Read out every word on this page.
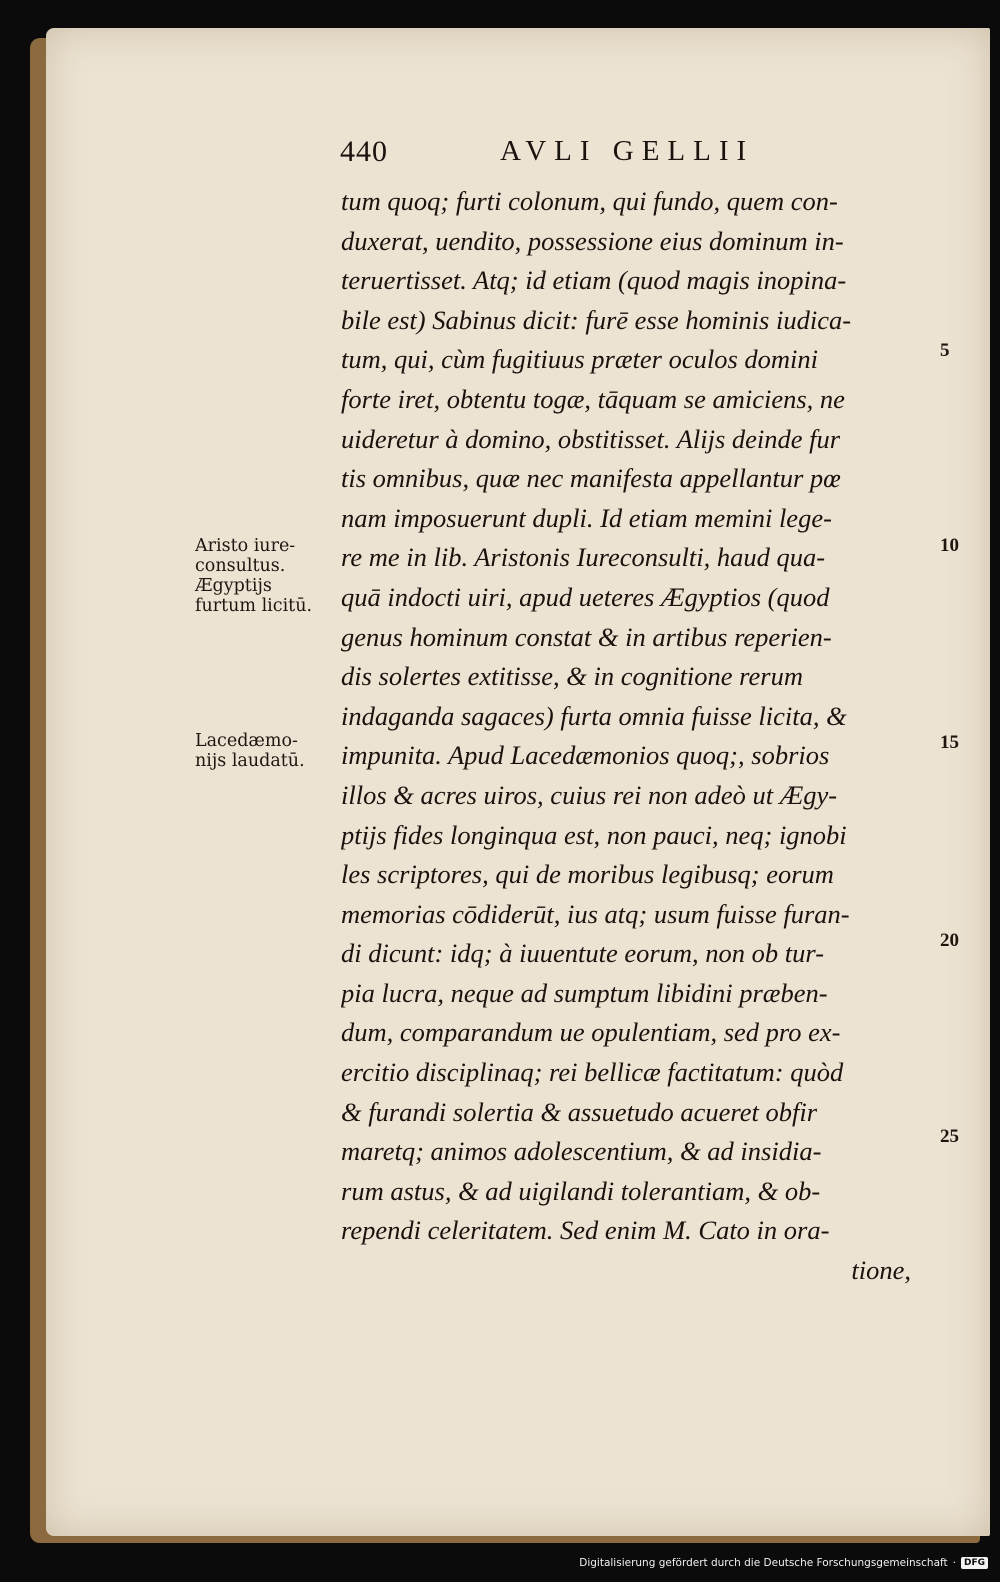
440	AVLI GELLII
tum quoq; furti colonum, qui fundo, quem con-
duxerat, uendito, possessione eius dominum in-
teruertisset. Atq; id etiam (quod magis inopina-
bile est) Sabinus dicit: furē esse hominis iudica-
tum, qui, cùm fugitiuus præter oculos domini
forte iret, obtentu togæ, tāquam se amiciens, ne
uideretur à domino, obstitisset. Alijs deinde fur
tis omnibus, quæ nec manifesta appellantur pœ
nam imposuerunt dupli. Id etiam memini lege-
re me in lib. Aristonis Iureconsulti, haud qua-
quā indocti uiri, apud ueteres Ægyptios (quod
genus hominum constat & in artibus reperien-
dis solertes extitisse, & in cognitione rerum
indaganda sagaces) furta omnia fuisse licita, &
impunita. Apud Lacedæmonios quoq;, sobrios
illos & acres uiros, cuius rei non adeò ut Ægy-
ptijs fides longinqua est, non pauci, neq; ignobi
les scriptores, qui de moribus legibusq; eorum
memorias cōdiderūt, ius atq; usum fuisse furan-
di dicunt: idq; à iuuentute eorum, non ob tur-
pia lucra, neque ad sumptum libidini præben-
dum, comparandum ue opulentiam, sed pro ex-
ercitio disciplinaq; rei bellicæ factitatum: quòd
& furandi solertia & assuetudo acueret obfir
maretq; animos adolescentium, & ad insidia-
rum astus, & ad uigilandi tolerantiam, & ob-
rependi celeritatem. Sed enim M. Cato in ora-
tione,
Aristo iure-
consultus.
Ægyptijs
furtum licitū.
Lacedæmo-
nijs laudatū.
5
10
15
20
25
Digitalisierung gefördert durch die Deutsche Forschungsgemeinschaft · DFG
